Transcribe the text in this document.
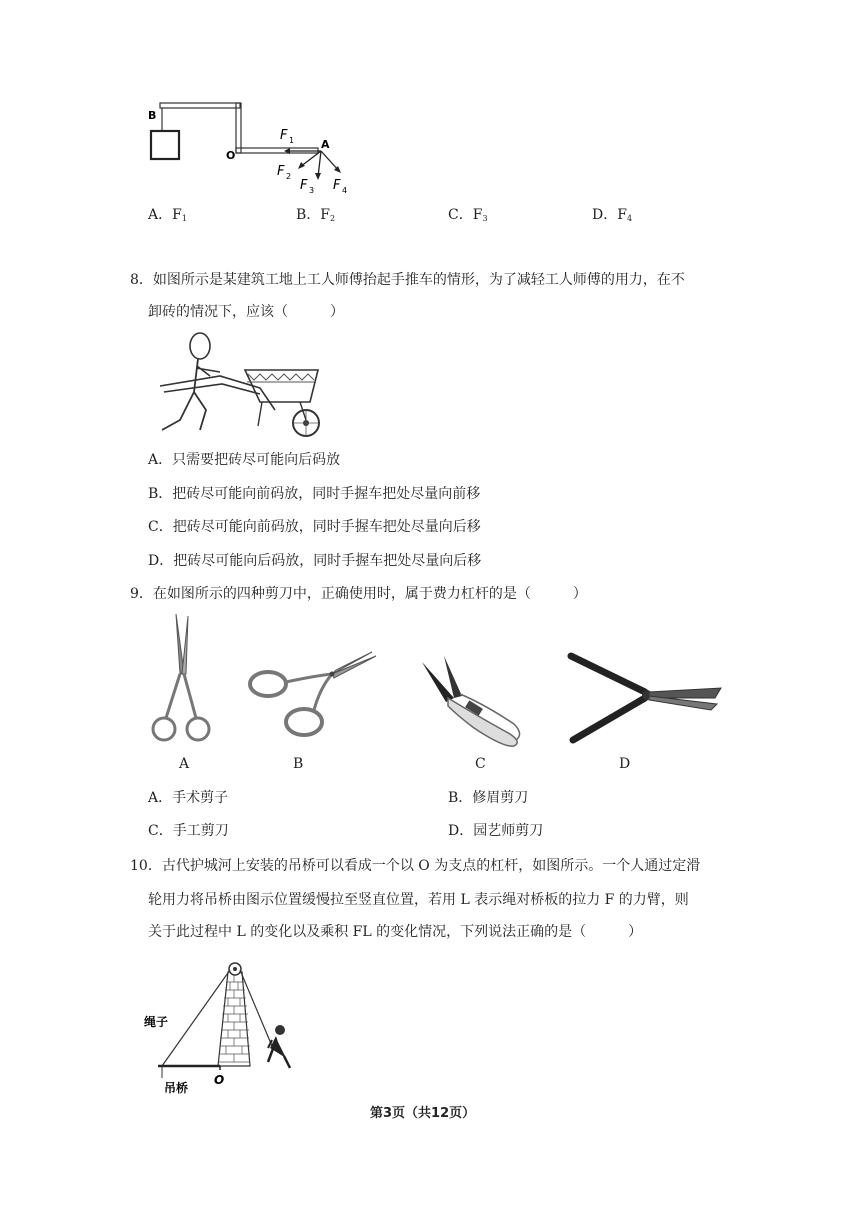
B
O
A
F 1
F 2
F 3 F 4
A．$F_1$	B．$F_2$	C．$F_3$	D．$F_4$
8．如图所示是某建筑工地上工人师傅抬起手推车的情形，为了减轻工人师傅的用力，在不
卸砖的情况下，应该（　　　）
A．只需要把砖尽可能向后码放
B．把砖尽可能向前码放，同时手握车把处尽量向前移
C．把砖尽可能向前码放，同时手握车把处尽量向后移
D．把砖尽可能向后码放，同时手握车把处尽量向后移
9．在如图所示的四种剪刀中，正确使用时，属于费力杠杆的是（　　　）
A	B	C	D
A．手术剪子	B．修眉剪刀
C．手工剪刀	D．园艺师剪刀
10．古代护城河上安装的吊桥可以看成一个以 O 为支点的杠杆，如图所示。一个人通过定滑
轮用力将吊桥由图示位置缓慢拉至竖直位置，若用 L 表示绳对桥板的拉力 F 的力臂，则
关于此过程中 L 的变化以及乘积 FL 的变化情况，下列说法正确的是（　　　）
绳子
吊桥
O
第3页（共12页）
